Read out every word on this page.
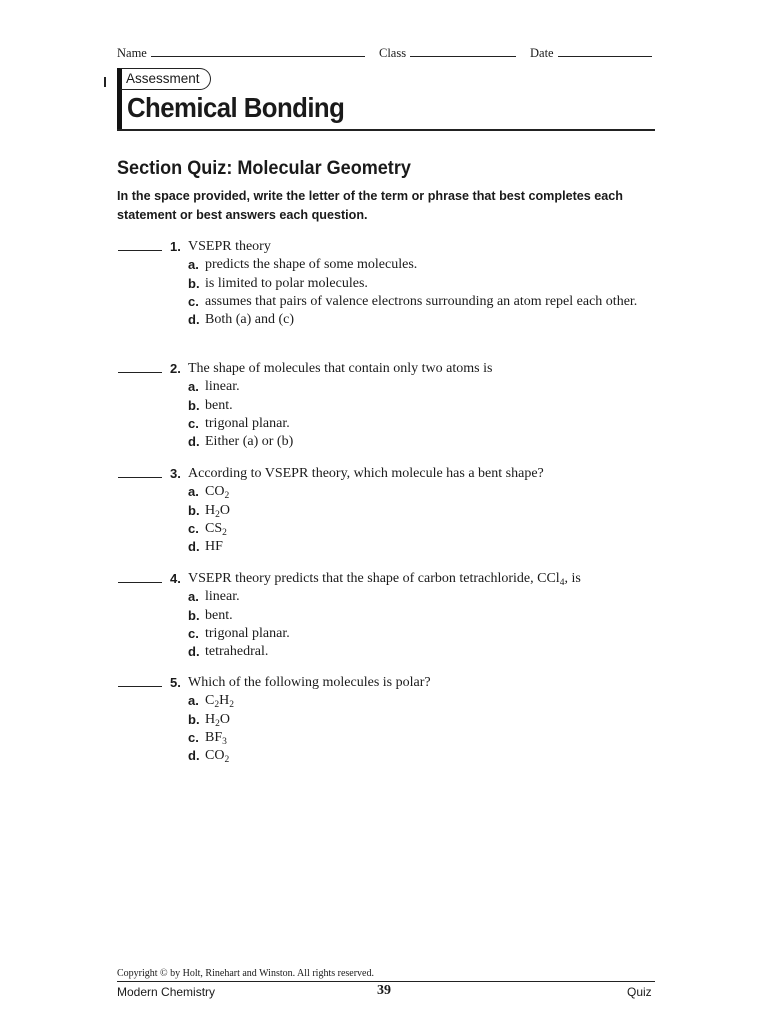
Name	Class	Date
Assessment
Chemical Bonding
Section Quiz: Molecular Geometry
In the space provided, write the letter of the term or phrase that best completes each statement or best answers each question.
1. VSEPR theory
a. predicts the shape of some molecules.
b. is limited to polar molecules.
c. assumes that pairs of valence electrons surrounding an atom repel each other.
d. Both (a) and (c)
2. The shape of molecules that contain only two atoms is
a. linear.
b. bent.
c. trigonal planar.
d. Either (a) or (b)
3. According to VSEPR theory, which molecule has a bent shape?
a. $CO_2$
b. $H_2O$
c. $CS_2$
d. HF
4. VSEPR theory predicts that the shape of carbon tetrachloride, CCl$_4$, is
a. linear.
b. bent.
c. trigonal planar.
d. tetrahedral.
5. Which of the following molecules is polar?
a. $C_2H_2$
b. $H_2O$
c. $BF_3$
d. $CO_2$
Copyright © by Holt, Rinehart and Winston. All rights reserved.
Modern Chemistry	39	Quiz
